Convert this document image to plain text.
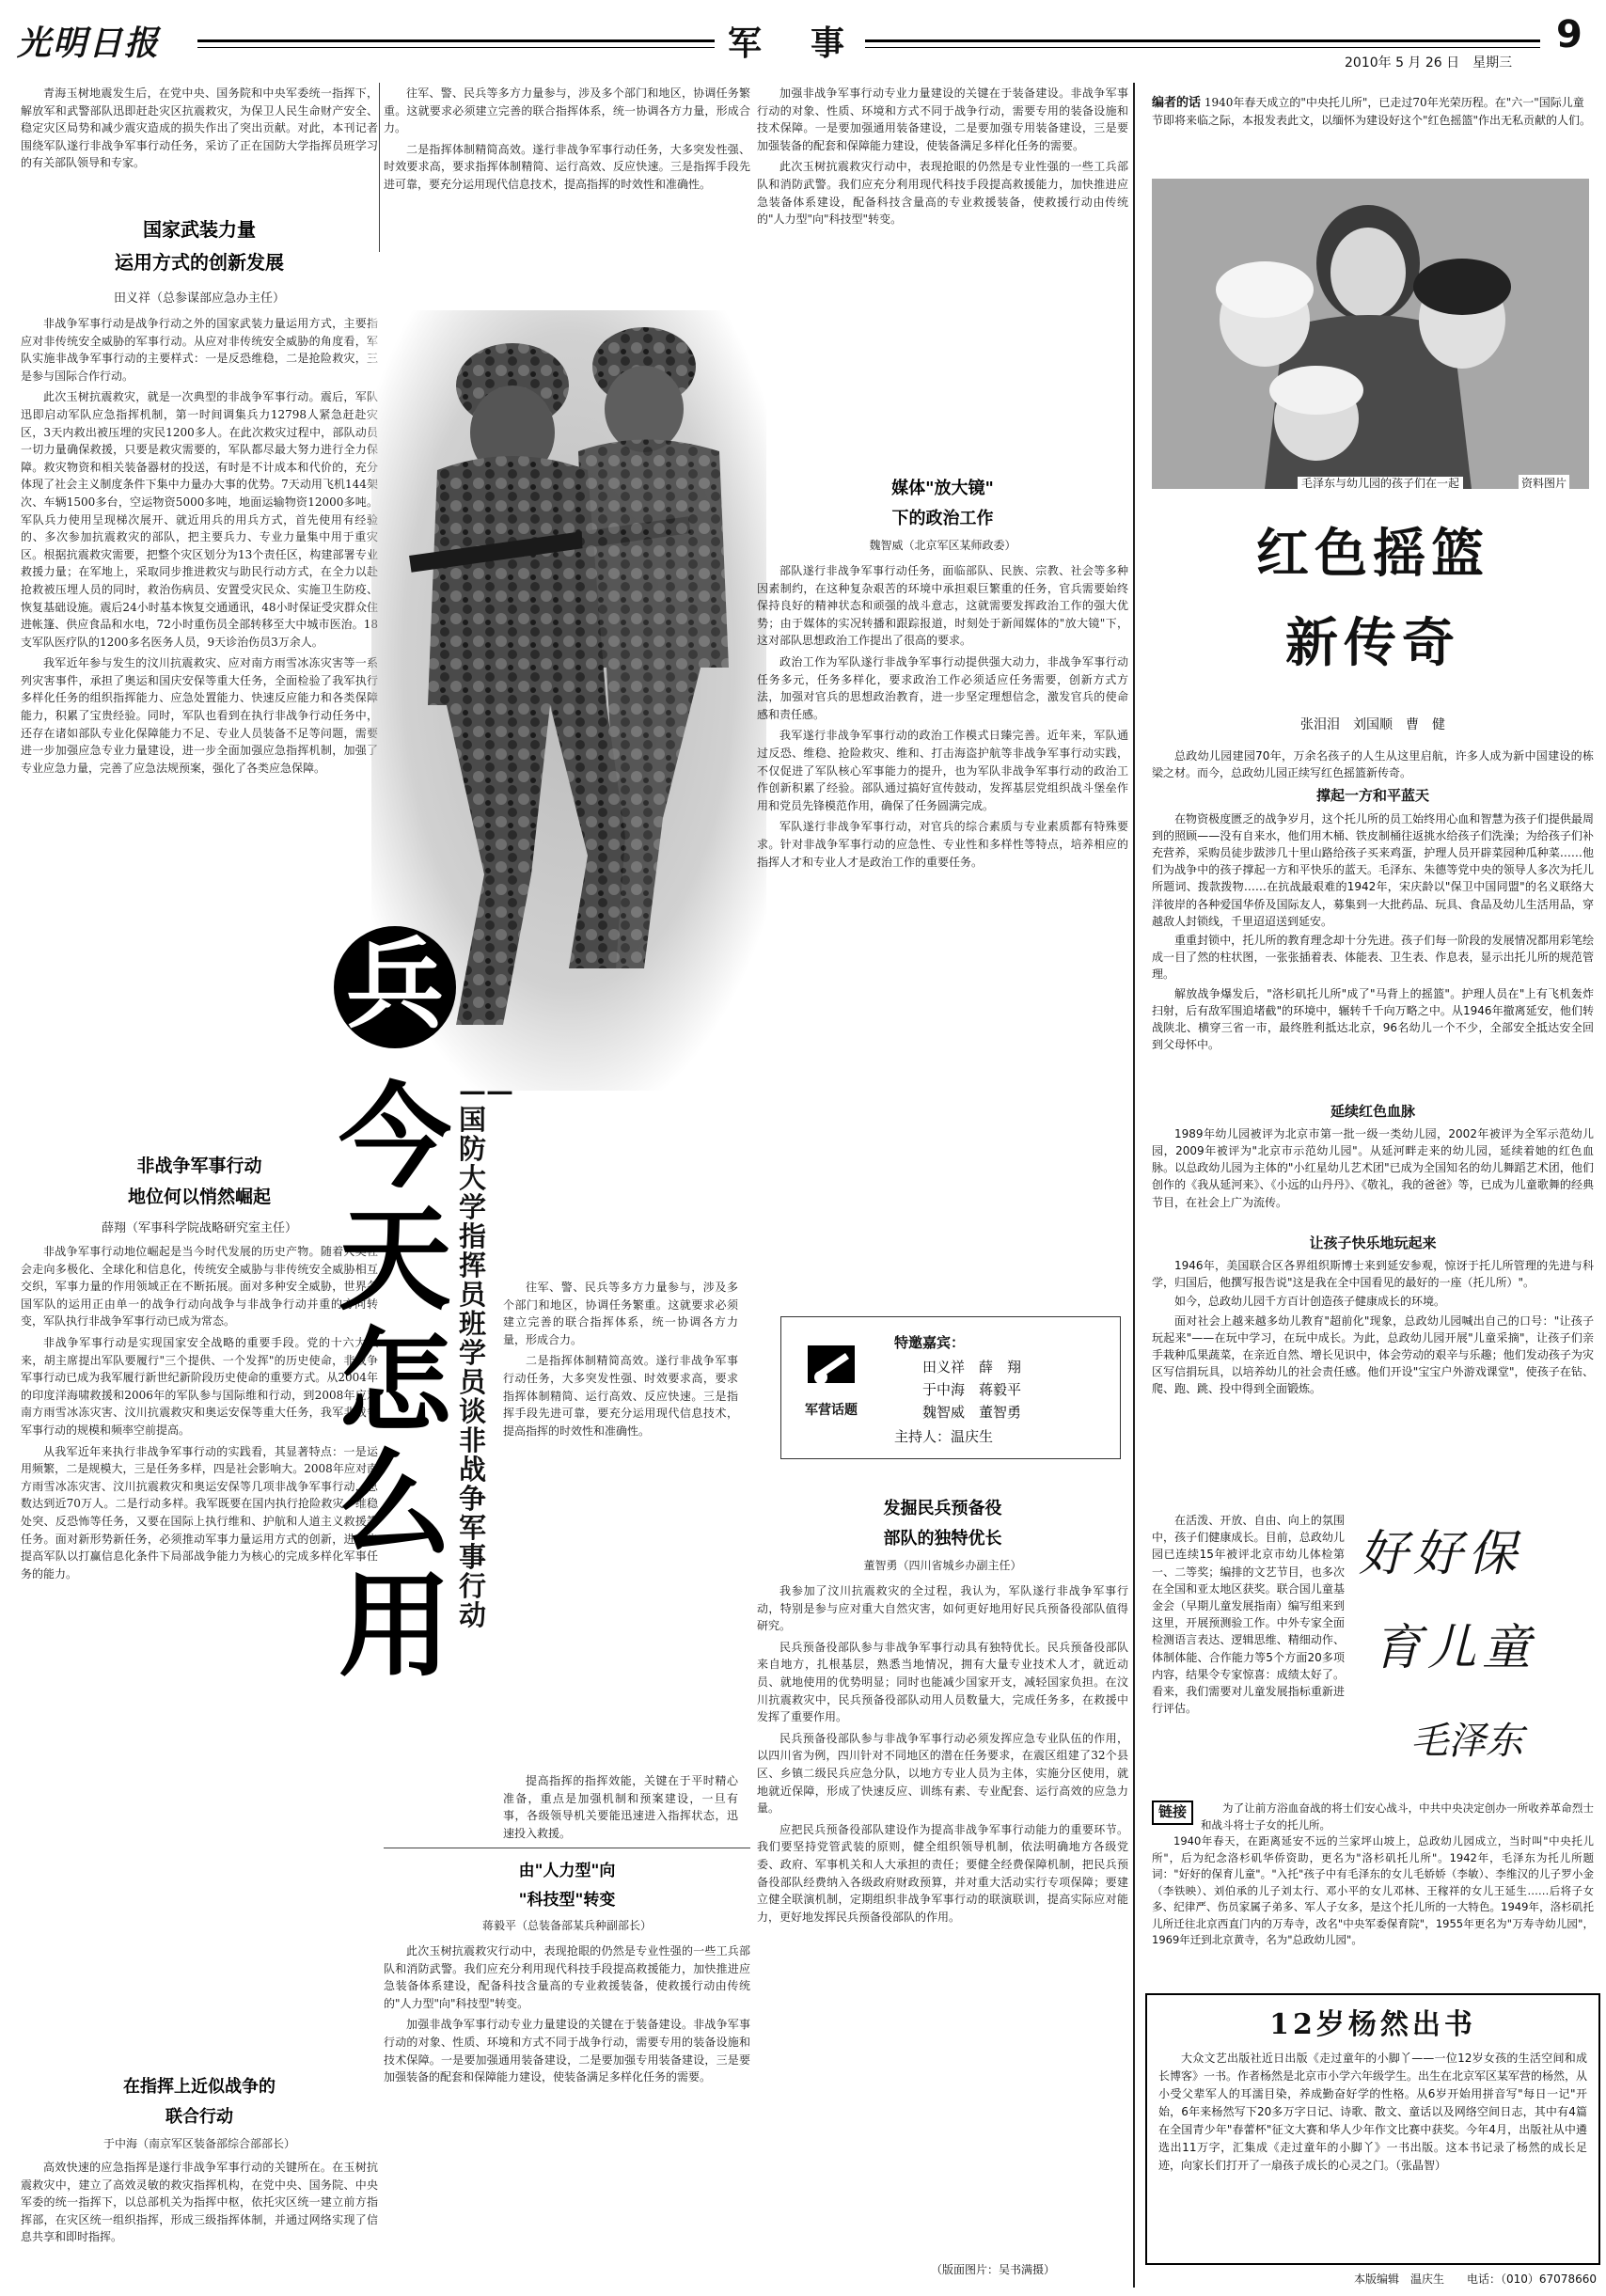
光明日报	军　事	2010年 5 月 26 日　星期三
9

青海玉树地震发生后，在党中央、国务院和中央军委统一指挥下，解放军和武警部队迅即赶赴灾区抗震救灾，为保卫人民生命财产安全、稳定灾区局势和减少震灾造成的损失作出了突出贡献。对此，本刊记者围绕军队遂行非战争军事行动任务，采访了正在国防大学指挥员班学习的有关部队领导和专家。

国家武装力量
运用方式的创新发展
田义祥（总参谋部应急办主任）

非战争军事行动是战争行动之外的国家武装力量运用方式，主要指应对非传统安全威胁的军事行动。从应对非传统安全威胁的角度看，军队实施非战争军事行动的主要样式：一是反恐维稳，二是抢险救灾，三是参与国际合作行动。

此次玉树抗震救灾，就是一次典型的非战争军事行动。震后，军队迅即启动军队应急指挥机制，第一时间调集兵力12798人紧急赶赴灾区，3天内救出被压埋的灾民1200多人。在此次救灾过程中，部队动员一切力量确保救援，只要是救灾需要的，军队都尽最大努力进行全力保障。救灾物资和相关装备器材的投送，有时是不计成本和代价的，充分体现了社会主义制度条件下集中力量办大事的优势。7天动用飞机144架次、车辆1500多台，空运物资5000多吨，地面运输物资12000多吨。军队兵力使用呈现梯次展开、就近用兵的用兵方式，首先使用有经验的、多次参加抗震救灾的部队，把主要兵力、专业力量集中用于重灾区。根据抗震救灾需要，把整个灾区划分为13个责任区，构建部署专业救援力量；在军地上，采取同步推进救灾与助民行动方式，在全力以赴抢救被压埋人员的同时，救治伤病员、安置受灾民众、实施卫生防疫、恢复基础设施。震后24小时基本恢复交通通讯，48小时保证受灾群众住进帐篷、供应食品和水电，72小时重伤员全部转移至大中城市医治。18支军队医疗队的1200多名医务人员，9天诊治伤员3万余人。

我军近年参与发生的汶川抗震救灾、应对南方雨雪冰冻灾害等一系列灾害事件，承担了奥运和国庆安保等重大任务，全面检验了我军执行多样化任务的组织指挥能力、应急处置能力、快速反应能力和各类保障能力，积累了宝贵经验。同时，军队也看到在执行非战争行动任务中，还存在诸如部队专业化保障能力不足、专业人员装备不足等问题，需要进一步加强应急专业力量建设，进一步全面加强应急指挥机制，加强了专业应急力量，完善了应急法规预案，强化了各类应急保障。

非战争军事行动
地位何以悄然崛起
薛翔（军事科学院战略研究室主任）

非战争军事行动地位崛起是当今时代发展的历史产物。随着人类社会走向多极化、全球化和信息化，传统安全威胁与非传统安全威胁相互交织，军事力量的作用领域正在不断拓展。面对多种安全威胁，世界各国军队的运用正由单一的战争行动向战争与非战争行动并重的方向转变，军队执行非战争军事行动已成为常态。

非战争军事行动是实现国家安全战略的重要手段。党的十六大以来，胡主席提出军队要履行"三个提供、一个发挥"的历史使命，非战争军事行动已成为我军履行新世纪新阶段历史使命的重要方式。从2004年的印度洋海啸救援和2006年的军队参与国际维和行动，到2008年应对南方雨雪冰冻灾害、汶川抗震救灾和奥运安保等重大任务，我军非战争军事行动的规模和频率空前提高。

从我军近年来执行非战争军事行动的实践看，其显著特点：一是运用频繁，二是规模大，三是任务多样，四是社会影响大。2008年应对南方雨雪冰冻灾害、汶川抗震救灾和奥运安保等几项非战争军事行动，总数达到近70万人。二是行动多样。我军既要在国内执行抢险救灾、维稳处突、反恐怖等任务，又要在国际上执行维和、护航和人道主义救援等任务。面对新形势新任务，必须推动军事力量运用方式的创新，进一步提高军队以打赢信息化条件下局部战争能力为核心的完成多样化军事任务的能力。

在指挥上近似战争的
联合行动
于中海（南京军区装备部综合部部长）

高效快速的应急指挥是遂行非战争军事行动的关键所在。在玉树抗震救灾中，建立了高效灵敏的救灾指挥机构，在党中央、国务院、中央军委的统一指挥下，以总部机关为指挥中枢，依托灾区统一建立前方指挥部，在灾区统一组织指挥，形成三级指挥体制，并通过网络实现了信息共享和即时指挥。

往军、警、民兵等多方力量参与，涉及多个部门和地区，协调任务繁重。这就要求必须建立完善的联合指挥体系，统一协调各方力量，形成合力。

二是指挥体制精简高效。遂行非战争军事行动任务，大多突发性强、时效要求高，要求指挥体制精简、运行高效、反应快速。三是指挥手段先进可靠，要充分运用现代信息技术，提高指挥的时效性和准确性。

兵
今
天
怎
么
用
——国防大学指挥员班学员谈非战争军事行动

往军、警、民兵等多方力量参与，涉及多个部门和地区，协调任务繁重。这就要求必须建立完善的联合指挥体系，统一协调各方力量，形成合力。

二是指挥体制精简高效。遂行非战争军事行动任务，大多突发性强、时效要求高，要求指挥体制精简、运行高效、反应快速。三是指挥手段先进可靠，要充分运用现代信息技术，提高指挥的时效性和准确性。

提高指挥的指挥效能，关键在于平时精心准备，重点是加强机制和预案建设，一旦有事，各级领导机关要能迅速进入指挥状态，迅速投入救援。

由"人力型"向
"科技型"转变
蒋毅平（总装备部某兵种副部长）

此次玉树抗震救灾行动中，表现抢眼的仍然是专业性强的一些工兵部队和消防武警。我们应充分利用现代科技手段提高救援能力，加快推进应急装备体系建设，配备科技含量高的专业救援装备，使救援行动由传统的"人力型"向"科技型"转变。

加强非战争军事行动专业力量建设的关键在于装备建设。非战争军事行动的对象、性质、环境和方式不同于战争行动，需要专用的装备设施和技术保障。一是要加强通用装备建设，二是要加强专用装备建设，三是要加强装备的配套和保障能力建设，使装备满足多样化任务的需要。

加强非战争军事行动专业力量建设的关键在于装备建设。非战争军事行动的对象、性质、环境和方式不同于战争行动，需要专用的装备设施和技术保障。一是要加强通用装备建设，二是要加强专用装备建设，三是要加强装备的配套和保障能力建设，使装备满足多样化任务的需要。

此次玉树抗震救灾行动中，表现抢眼的仍然是专业性强的一些工兵部队和消防武警。我们应充分利用现代科技手段提高救援能力，加快推进应急装备体系建设，配备科技含量高的专业救援装备，使救援行动由传统的"人力型"向"科技型"转变。

媒体"放大镜"
下的政治工作
魏智威（北京军区某师政委）

部队遂行非战争军事行动任务，面临部队、民族、宗教、社会等多种因素制约，在这种复杂艰苦的环境中承担艰巨繁重的任务，官兵需要始终保持良好的精神状态和顽强的战斗意志，这就需要发挥政治工作的强大优势；由于媒体的实况转播和跟踪报道，时刻处于新闻媒体的"放大镜"下，这对部队思想政治工作提出了很高的要求。

政治工作为军队遂行非战争军事行动提供强大动力，非战争军事行动任务多元，任务多样化，要求政治工作必须适应任务需要，创新方式方法，加强对官兵的思想政治教育，进一步坚定理想信念，激发官兵的使命感和责任感。

我军遂行非战争军事行动的政治工作模式日臻完善。近年来，军队通过反恐、维稳、抢险救灾、维和、打击海盗护航等非战争军事行动实践，不仅促进了军队核心军事能力的提升，也为军队非战争军事行动的政治工作创新积累了经验。部队通过搞好宣传鼓动，发挥基层党组织战斗堡垒作用和党员先锋模范作用，确保了任务圆满完成。

军队遂行非战争军事行动，对官兵的综合素质与专业素质都有特殊要求。针对非战争军事行动的应急性、专业性和多样性等特点，培养相应的指挥人才和专业人才是政治工作的重要任务。

军营话题
特邀嘉宾：
田义祥　薛　翔
于中海　蒋毅平
魏智威　董智勇
主持人：温庆生
发掘民兵预备役
部队的独特优长
董智勇（四川省城乡办副主任）

我参加了汶川抗震救灾的全过程，我认为，军队遂行非战争军事行动，特别是参与应对重大自然灾害，如何更好地用好民兵预备役部队值得研究。

民兵预备役部队参与非战争军事行动具有独特优长。民兵预备役部队来自地方，扎根基层，熟悉当地情况，拥有大量专业技术人才，就近动员、就地使用的优势明显；同时也能减少国家开支，减轻国家负担。在汶川抗震救灾中，民兵预备役部队动用人员数量大，完成任务多，在救援中发挥了重要作用。

民兵预备役部队参与非战争军事行动必须发挥应急专业队伍的作用，以四川省为例，四川针对不同地区的潜在任务要求，在震区组建了32个县区、乡镇二级民兵应急分队，以地方专业人员为主体，实施分区使用，就地就近保障，形成了快速反应、训练有素、专业配套、运行高效的应急力量。

应把民兵预备役部队建设作为提高非战争军事行动能力的重要环节。我们要坚持党管武装的原则，健全组织领导机制，依法明确地方各级党委、政府、军事机关和人大承担的责任；要健全经费保障机制，把民兵预备役部队经费纳入各级政府财政预算，并对重大活动实行专项保障；要建立健全联演机制，定期组织非战争军事行动的联演联训，提高实际应对能力，更好地发挥民兵预备役部队的作用。

（版面图片：吴书满摄）
编者的话 1940年春天成立的"中央托儿所"，已走过70年光荣历程。在"六一"国际儿童节即将来临之际，本报发表此文，以缅怀为建设好这个"红色摇篮"作出无私贡献的人们。
毛泽东与幼儿园的孩子们在一起	资料图片
红色摇篮
新传奇
张泪泪　刘国顺　曹　健

总政幼儿园建园70年，万余名孩子的人生从这里启航，许多人成为新中国建设的栋梁之材。而今，总政幼儿园正续写红色摇篮新传奇。

撑起一方和平蓝天

在物资极度匮乏的战争岁月，这个托儿所的员工始终用心血和智慧为孩子们提供最周到的照顾——没有自来水，他们用木桶、铁皮制桶往返挑水给孩子们洗澡；为给孩子们补充营养，采购员徒步跋涉几十里山路给孩子买来鸡蛋，护理人员开辟菜园种瓜种菜……他们为战争中的孩子撑起一方和平快乐的蓝天。毛泽东、朱德等党中央的领导人多次为托儿所题词、拨款拨物……在抗战最艰难的1942年，宋庆龄以"保卫中国同盟"的名义联络大洋彼岸的各种爱国华侨及国际友人，募集到一大批药品、玩具、食品及幼儿生活用品，穿越敌人封锁线，千里迢迢送到延安。

重重封锁中，托儿所的教育理念却十分先进。孩子们每一阶段的发展情况都用彩笔绘成一目了然的柱状图，一张张插着表、体能表、卫生表、作息表，显示出托儿所的规范管理。

解放战争爆发后，"洛杉矶托儿所"成了"马背上的摇篮"。护理人员在"上有飞机轰炸扫射，后有敌军围追堵截"的环境中，辗转千千向万略之中。从1946年撤离延安，他们转战陕北、横穿三省一市，最终胜利抵达北京，96名幼儿一个不少，全部安全抵达安全回到父母怀中。

延续红色血脉

1989年幼儿园被评为北京市第一批一级一类幼儿园，2002年被评为全军示范幼儿园，2009年被评为"北京市示范幼儿园"。从延河畔走来的幼儿园，延续着她的红色血脉。以总政幼儿园为主体的"小红星幼儿艺术团"已成为全国知名的幼儿舞蹈艺术团，他们创作的《我从延河来》、《小远的山丹丹》、《敬礼，我的爸爸》等，已成为儿童歌舞的经典节目，在社会上广为流传。

让孩子快乐地玩起来

1946年，美国联合区各界组织斯博士来到延安参观，惊讶于托儿所管理的先进与科学，归国后，他撰写报告说"这是我在全中国看见的最好的一座（托儿所）"。

如今，总政幼儿园千方百计创造孩子健康成长的环境。

面对社会上越来越多幼儿教育"超前化"现象，总政幼儿园喊出自己的口号："让孩子玩起来"——在玩中学习，在玩中成长。为此，总政幼儿园开展"儿童采摘"，让孩子们亲手栽种瓜果蔬菜，在亲近自然、增长见识中，体会劳动的艰辛与乐趣；他们发动孩子为灾区写信捐玩具，以培养幼儿的社会责任感。他们开设"宝宝户外游戏课堂"，使孩子在钻、爬、跑、跳、投中得到全面锻炼。

在活泼、开放、自由、向上的氛围中，孩子们健康成长。目前，总政幼儿园已连续15年被评北京市幼儿体检第一、二等奖；编排的文艺节目，也多次在全国和亚太地区获奖。联合国儿童基金会（早期儿童发展指南）编写组来到这里，开展预测验工作。中外专家全面检测语言表达、逻辑思维、精细动作、体制体能、合作能力等5个方面20多项内容，结果令专家惊喜：成绩太好了。看来，我们需要对儿童发展指标重新进行评估。

好好保
育儿童
毛泽东
链接	为了让前方浴血奋战的将士们安心战斗，中共中央决定创办一所收养革命烈士和战斗将士子女的托儿所。

1940年春天，在距离延安不远的兰家坪山坡上，总政幼儿园成立，当时叫"中央托儿所"，后为纪念洛杉矶华侨资助，更名为"洛杉矶托儿所"。1942年，毛泽东为托儿所题词："好好的保育儿童"。"入托"孩子中有毛泽东的女儿毛娇娇（李敏）、李维汉的儿子罗小金（李铁映）、刘伯承的儿子刘太行、邓小平的女儿邓林、王稼祥的女儿王延生……后将子女多、纪律严、伤员家属子弟多、军人子女多，是这个托儿所的一大特色。1949年，洛杉矶托儿所迁往北京西直门内的万寿寺，改名"中央军委保育院"，1955年更名为"万寿寺幼儿园"，1969年迁到北京黄寺，名为"总政幼儿园"。

12岁杨然出书
大众文艺出版社近日出版《走过童年的小脚丫——一位12岁女孩的生活空间和成长博客》一书。作者杨然是北京市小学六年级学生。出生在北京军区某军营的杨然，从小受父辈军人的耳濡目染，养成勤奋好学的性格。从6岁开始用拼音写"每日一记"开始，6年来杨然写下20多万字日记、诗歌、散文、童话以及网络空间日志，其中有4篇在全国青少年"春蕾杯"征文大赛和华人少年作文比赛中获奖。今年4月，出版社从中遴选出11万字，汇集成《走过童年的小脚丫》一书出版。这本书记录了杨然的成长足迹，向家长们打开了一扇孩子成长的心灵之门。（张晶智）
本版编辑　温庆生 电话：（010）67078660
